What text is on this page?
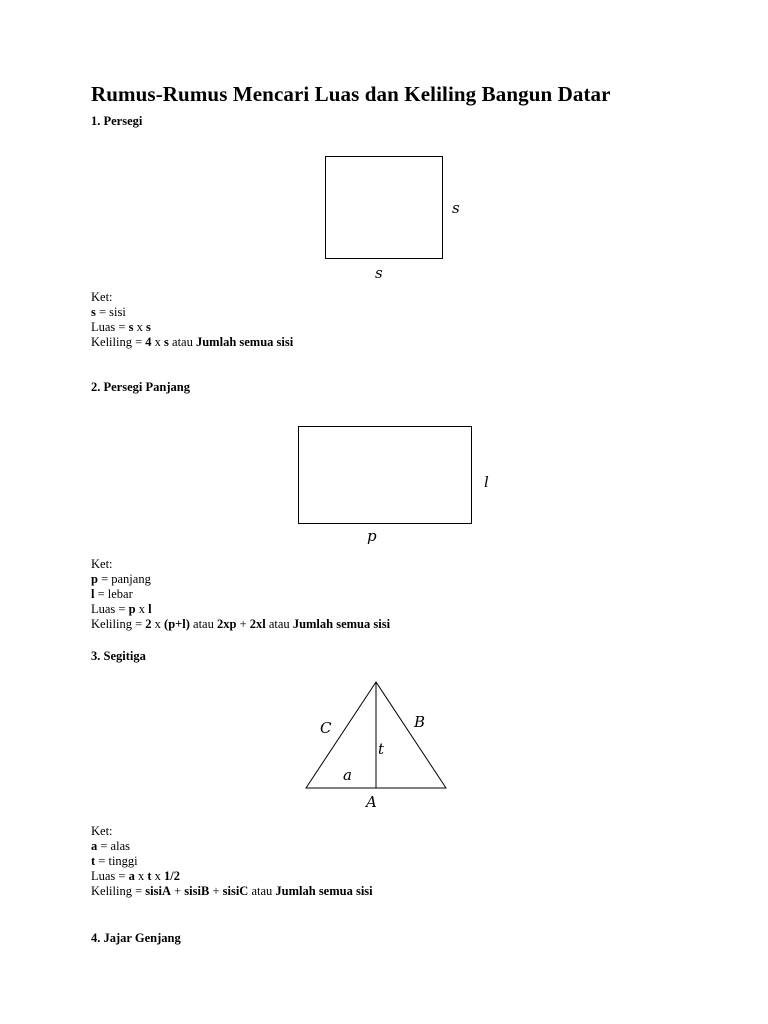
Rumus-Rumus Mencari Luas dan Keliling Bangun Datar
1. Persegi
s
s
Ket:
s = sisi
Luas = s x s
Keliling = 4 x s atau Jumlah semua sisi
2. Persegi Panjang
l
p
Ket:
p = panjang
l = lebar
Luas = p x l
Keliling = 2 x (p+l) atau 2xp + 2xl atau Jumlah semua sisi
3. Segitiga
C	B
t
a
A
Ket:
a = alas
t = tinggi
Luas = a x t x 1/2
Keliling = sisiA + sisiB + sisiC atau Jumlah semua sisi
4. Jajar Genjang
